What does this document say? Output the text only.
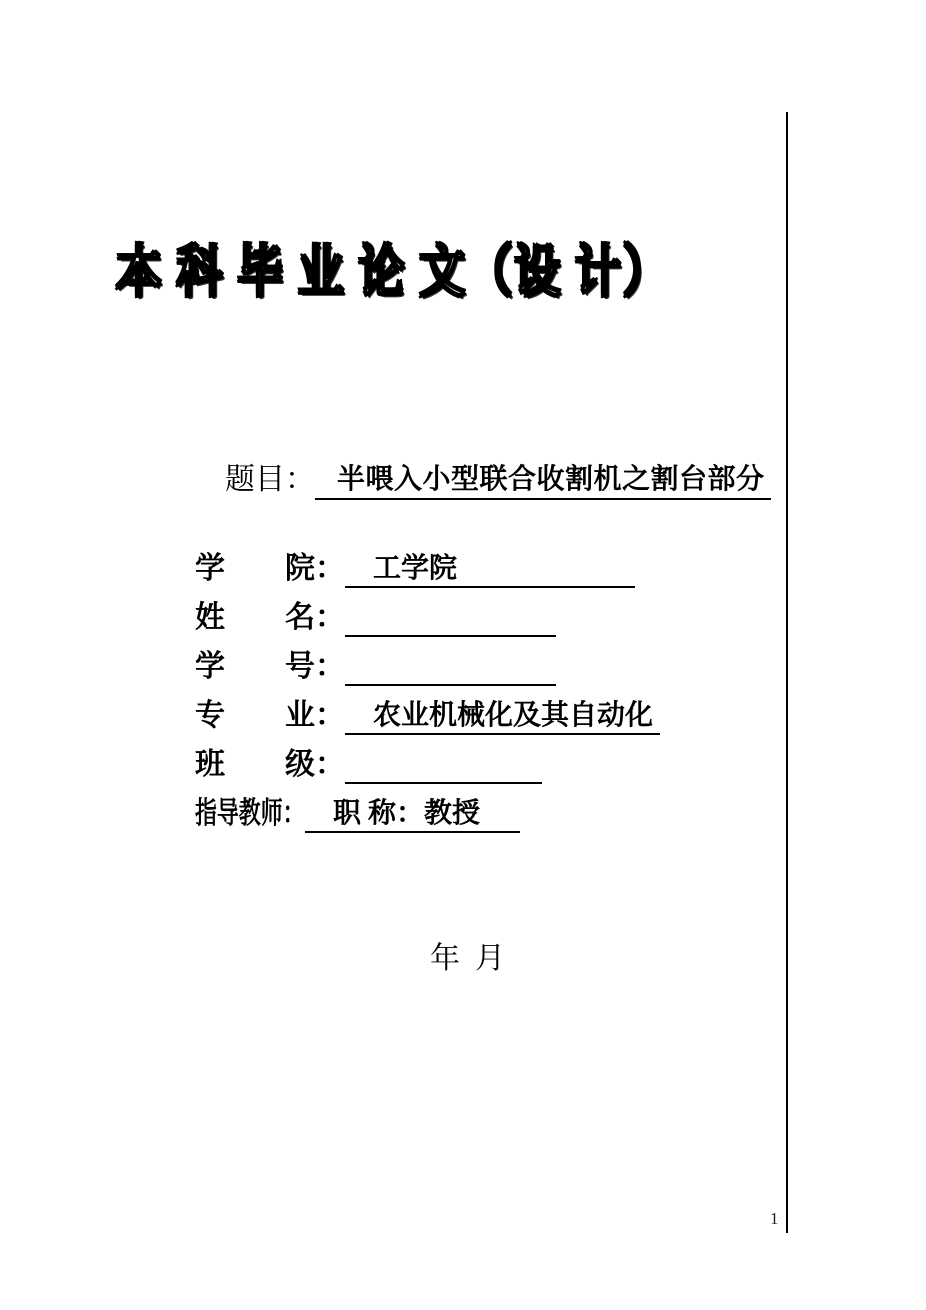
本 科 毕 业 论 文（设 计）
题目： 半喂入小型联合收割机之割台部分
学　　院： 工学院
姓　　名：
学　　号：
专　　业： 农业机械化及其自动化
班　　级：
指导教师： 职 称：教授
年  月
1
